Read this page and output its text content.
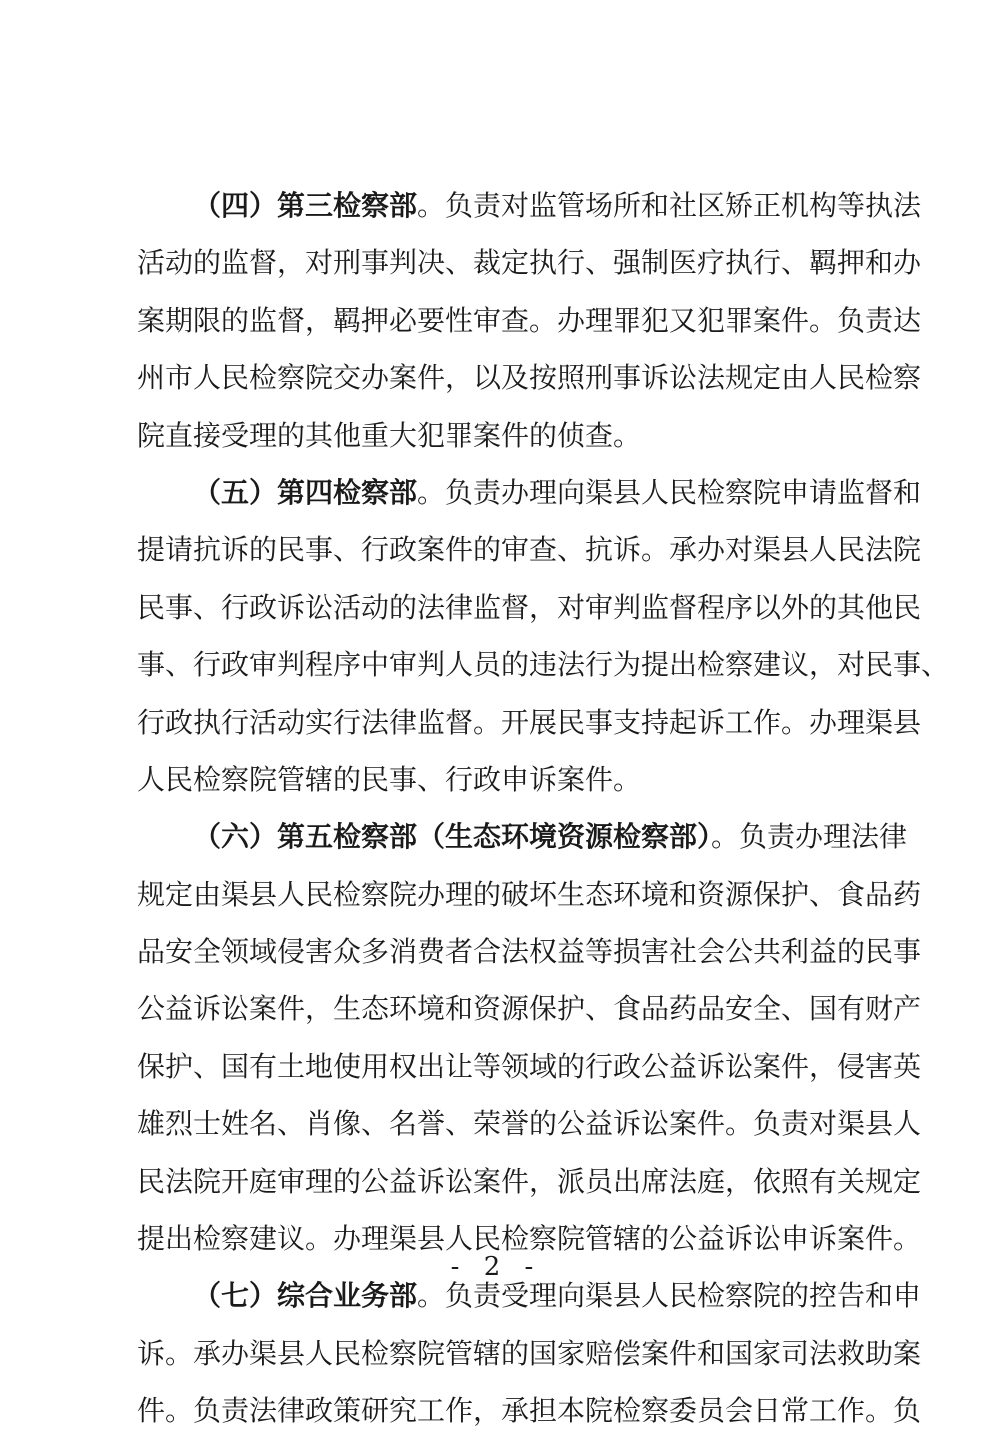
（四）第三检察部。负责对监管场所和社区矫正机构等执法
活动的监督，对刑事判决、裁定执行、强制医疗执行、羁押和办
案期限的监督，羁押必要性审查。办理罪犯又犯罪案件。负责达
州市人民检察院交办案件，以及按照刑事诉讼法规定由人民检察
院直接受理的其他重大犯罪案件的侦查。
（五）第四检察部。负责办理向渠县人民检察院申请监督和
提请抗诉的民事、行政案件的审查、抗诉。承办对渠县人民法院
民事、行政诉讼活动的法律监督，对审判监督程序以外的其他民
事、行政审判程序中审判人员的违法行为提出检察建议，对民事、
行政执行活动实行法律监督。开展民事支持起诉工作。办理渠县
人民检察院管辖的民事、行政申诉案件。
（六）第五检察部（生态环境资源检察部）。负责办理法律
规定由渠县人民检察院办理的破坏生态环境和资源保护、食品药
品安全领域侵害众多消费者合法权益等损害社会公共利益的民事
公益诉讼案件，生态环境和资源保护、食品药品安全、国有财产
保护、国有土地使用权出让等领域的行政公益诉讼案件，侵害英
雄烈士姓名、肖像、名誉、荣誉的公益诉讼案件。负责对渠县人
民法院开庭审理的公益诉讼案件，派员出席法庭，依照有关规定
提出检察建议。办理渠县人民检察院管辖的公益诉讼申诉案件。
（七）综合业务部。负责受理向渠县人民检察院的控告和申
诉。承办渠县人民检察院管辖的国家赔偿案件和国家司法救助案
件。负责法律政策研究工作，承担本院检察委员会日常工作。负
- 2 -
